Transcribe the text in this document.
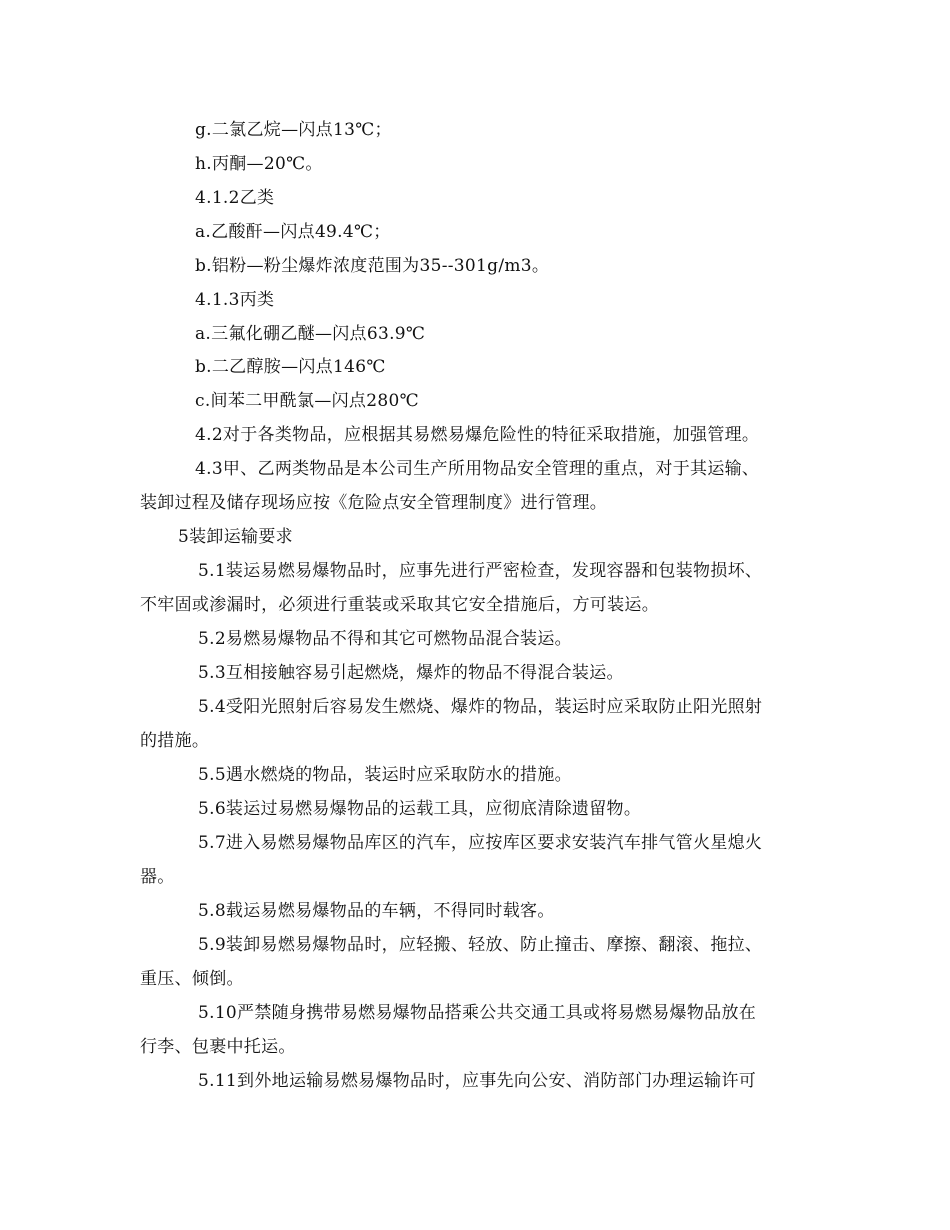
g.二氯乙烷—闪点13℃；
h.丙酮—20℃。
4.1.2乙类
a.乙酸酐—闪点49.4℃；
b.铝粉—粉尘爆炸浓度范围为35--301g/m3。
4.1.3丙类
a.三氟化硼乙醚—闪点63.9℃
b.二乙醇胺—闪点146℃
c.间苯二甲酰氯—闪点280℃
4.2对于各类物品，应根据其易燃易爆危险性的特征采取措施，加强管理。
4.3甲、乙两类物品是本公司生产所用物品安全管理的重点，对于其运输、
装卸过程及储存现场应按《危险点安全管理制度》进行管理。
5装卸运输要求
5.1装运易燃易爆物品时，应事先进行严密检查，发现容器和包装物损坏、
不牢固或渗漏时，必须进行重装或采取其它安全措施后，方可装运。
5.2易燃易爆物品不得和其它可燃物品混合装运。
5.3互相接触容易引起燃烧，爆炸的物品不得混合装运。
5.4受阳光照射后容易发生燃烧、爆炸的物品，装运时应采取防止阳光照射
的措施。
5.5遇水燃烧的物品，装运时应采取防水的措施。
5.6装运过易燃易爆物品的运载工具，应彻底清除遗留物。
5.7进入易燃易爆物品库区的汽车，应按库区要求安装汽车排气管火星熄火
器。
5.8载运易燃易爆物品的车辆，不得同时载客。
5.9装卸易燃易爆物品时，应轻搬、轻放、防止撞击、摩擦、翻滚、拖拉、
重压、倾倒。
5.10严禁随身携带易燃易爆物品搭乘公共交通工具或将易燃易爆物品放在
行李、包裹中托运。
5.11到外地运输易燃易爆物品时，应事先向公安、消防部门办理运输许可
